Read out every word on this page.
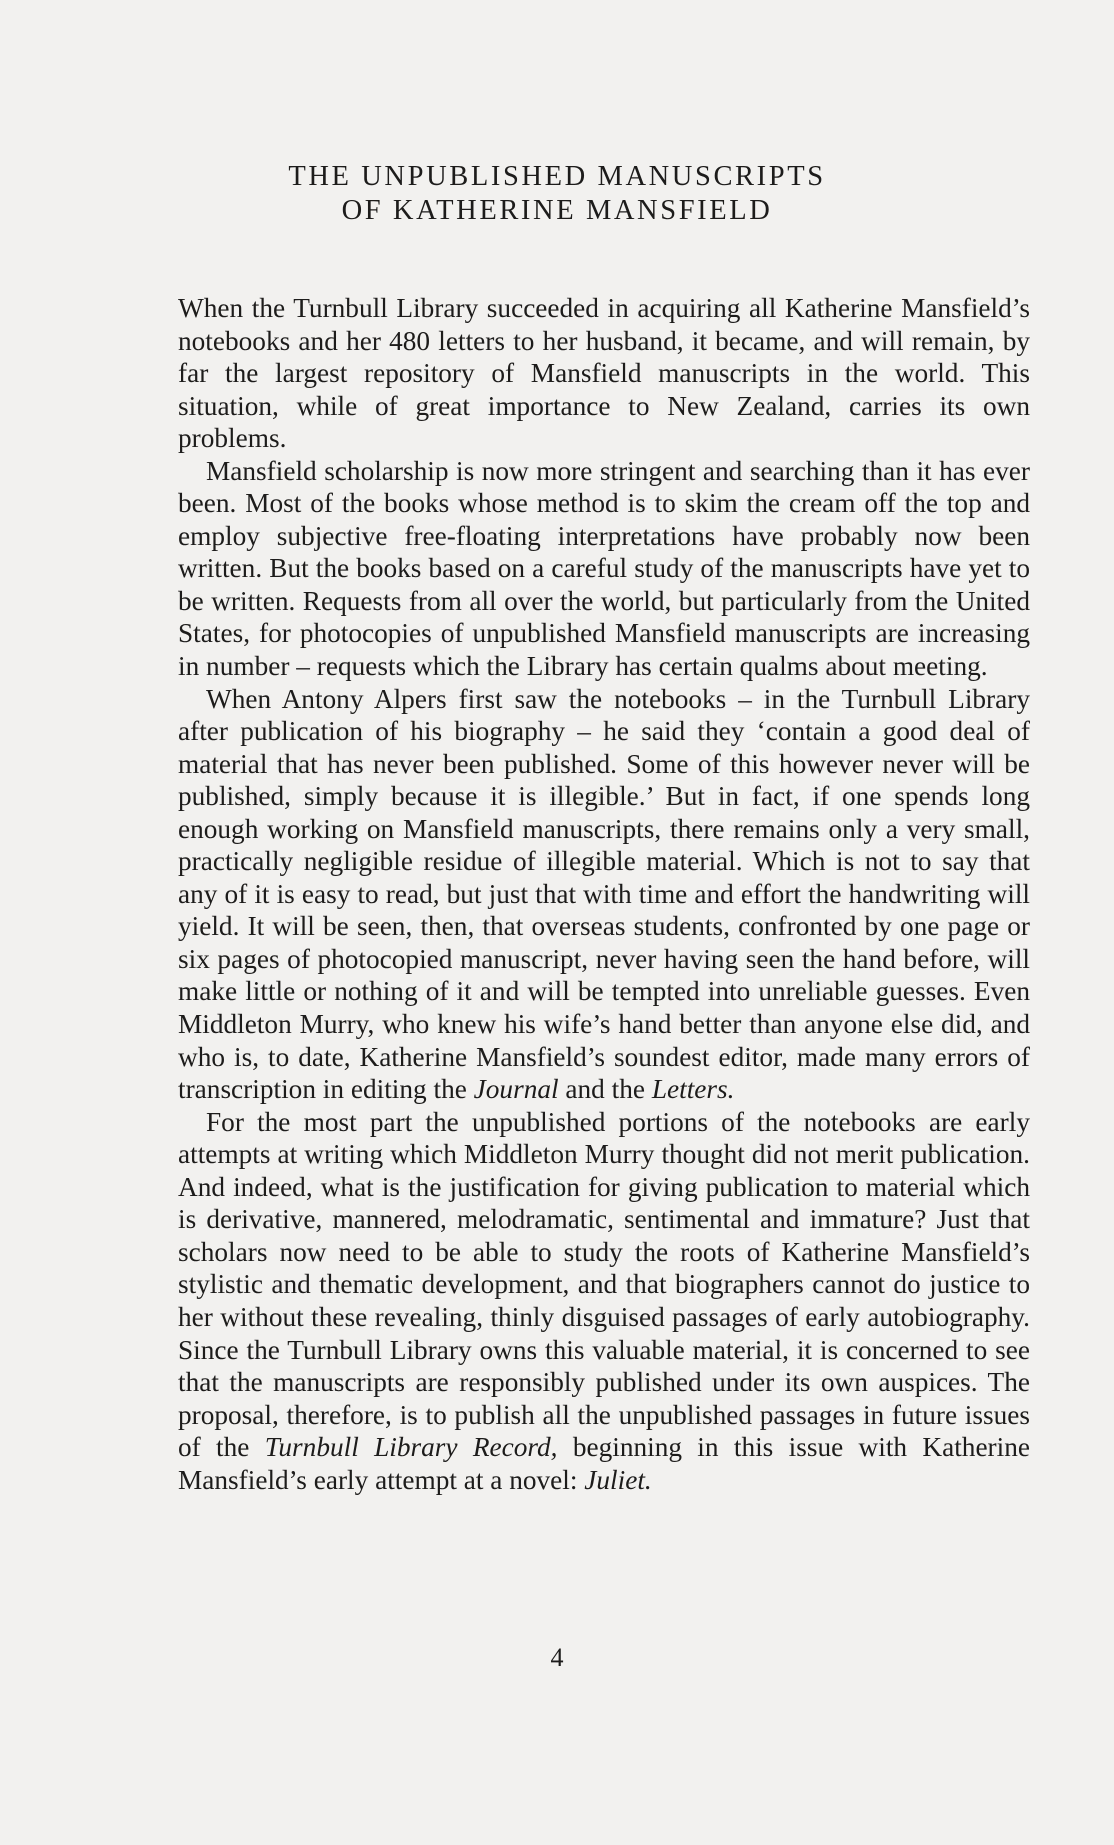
THE UNPUBLISHED MANUSCRIPTS
OF KATHERINE MANSFIELD

When the Turnbull Library succeeded in acquiring all Katherine Mansfield’s notebooks and her 480 letters to her husband, it became, and will remain, by far the largest repository of Mansfield manuscripts in the world. This situation, while of great importance to New Zealand, carries its own problems.

Mansfield scholarship is now more stringent and searching than it has ever been. Most of the books whose method is to skim the cream off the top and employ subjective free-floating interpretations have probably now been written. But the books based on a careful study of the manuscripts have yet to be written. Requests from all over the world, but particularly from the United States, for photocopies of unpublished Mansfield manuscripts are increasing in number – requests which the Library has certain qualms about meeting.

When Antony Alpers first saw the notebooks – in the Turnbull Library after publication of his biography – he said they ‘contain a good deal of material that has never been published. Some of this however never will be published, simply because it is illegible.’ But in fact, if one spends long enough working on Mansfield manuscripts, there remains only a very small, practically negligible residue of illegible material. Which is not to say that any of it is easy to read, but just that with time and effort the handwriting will yield. It will be seen, then, that overseas students, confronted by one page or six pages of photocopied manuscript, never having seen the hand before, will make little or nothing of it and will be tempted into unreliable guesses. Even Middleton Murry, who knew his wife’s hand better than anyone else did, and who is, to date, Katherine Mansfield’s soundest editor, made many errors of transcription in editing the Journal and the Letters.

For the most part the unpublished portions of the notebooks are early attempts at writing which Middleton Murry thought did not merit publication. And indeed, what is the justification for giving publication to material which is derivative, mannered, melodramatic, sentimental and immature? Just that scholars now need to be able to study the roots of Katherine Mansfield’s stylistic and thematic development, and that biographers cannot do justice to her without these revealing, thinly disguised passages of early autobiography. Since the Turnbull Library owns this valuable material, it is concerned to see that the manuscripts are responsibly published under its own auspices. The proposal, therefore, is to publish all the unpublished passages in future issues of the Turnbull Library Record, beginning in this issue with Katherine Mansfield’s early attempt at a novel: Juliet.

4
